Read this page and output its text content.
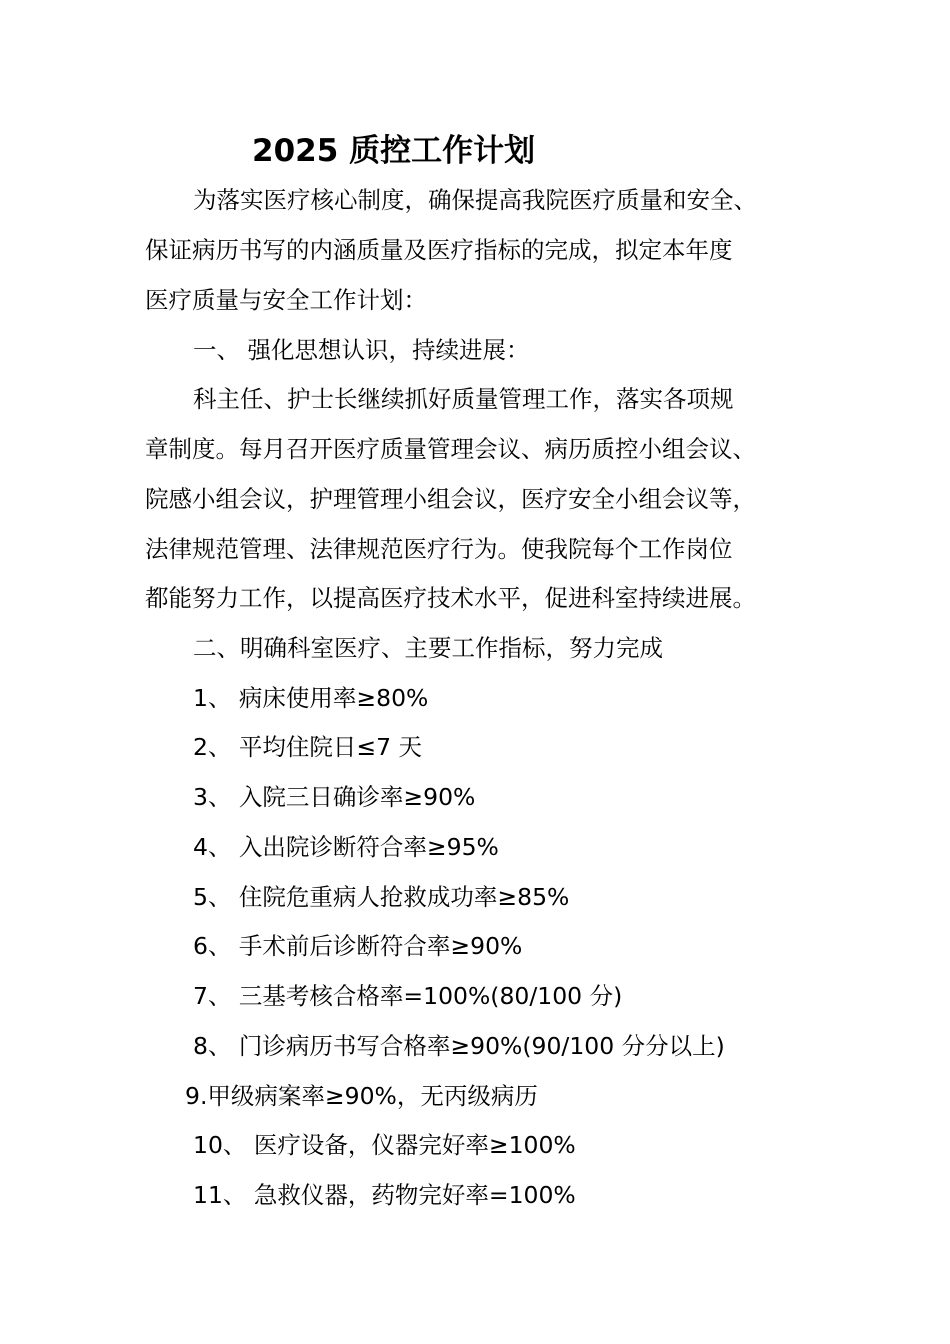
2025 质控工作计划
为落实医疗核心制度，确保提高我院医疗质量和安全、
保证病历书写的内涵质量及医疗指标的完成，拟定本年度
医疗质量与安全工作计划：
一、 强化思想认识，持续进展：
科主任、护士长继续抓好质量管理工作，落实各项规
章制度。每月召开医疗质量管理会议、病历质控小组会议、
院感小组会议，护理管理小组会议，医疗安全小组会议等，
法律规范管理、法律规范医疗行为。使我院每个工作岗位
都能努力工作，以提高医疗技术水平，促进科室持续进展。
二、明确科室医疗、主要工作指标，努力完成
1、 病床使用率≥80%
2、 平均住院日≤7 天
3、 入院三日确诊率≥90%
4、 入出院诊断符合率≥95%
5、 住院危重病人抢救成功率≥85%
6、 手术前后诊断符合率≥90%
7、 三基考核合格率=100%(80/100 分)
8、 门诊病历书写合格率≥90%(90/100 分分以上)
9.甲级病案率≥90%，无丙级病历
10、 医疗设备，仪器完好率≥100%
11、 急救仪器，药物完好率=100%
